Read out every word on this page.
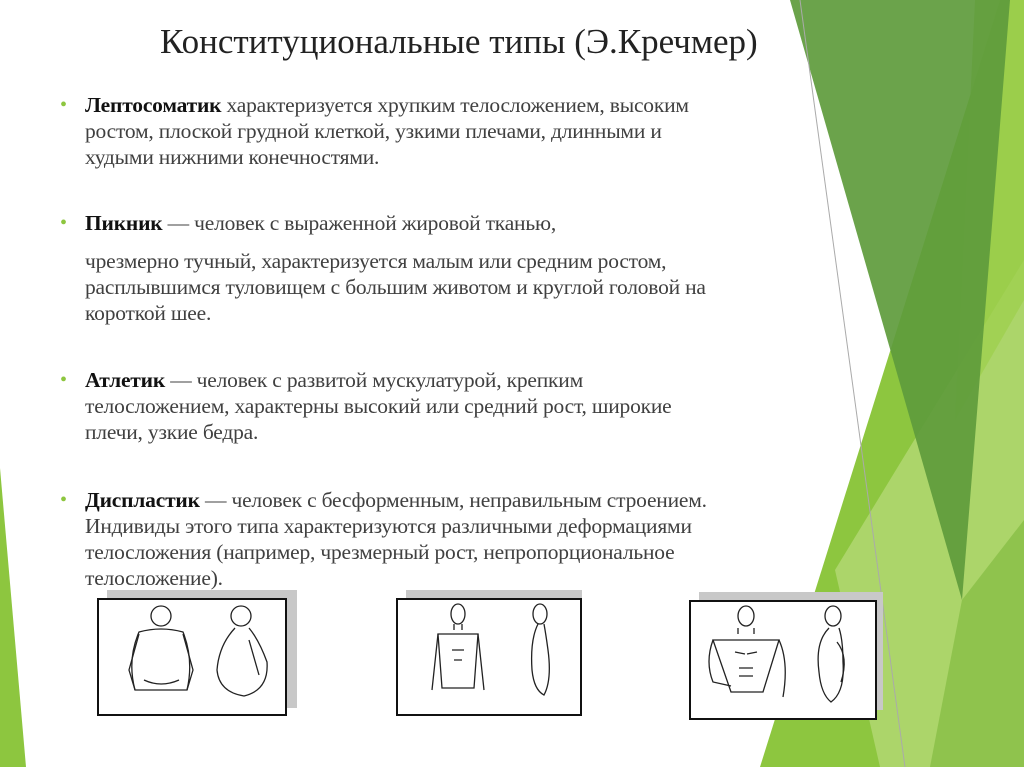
Конституциональные типы (Э.Кречмер)
• Лептосоматик характеризуется хрупким телосложением, высоким
ростом, плоской грудной клеткой, узкими плечами, длинными и
худыми нижними конечностями.
• Пикник — человек с выраженной жировой тканью,
чрезмерно тучный, характеризуется малым или средним ростом,
расплывшимся туловищем с большим животом и круглой головой на
короткой шее.
• Атлетик — человек с развитой мускулатурой, крепким
телосложением, характерны высокий или средний рост, широкие
плечи, узкие бедра.
• Диспластик — человек с бесформенным, неправильным строением.
Индивиды этого типа характеризуются различными деформациями
телосложения (например, чрезмерный рост, непропорциональное
телосложение).
